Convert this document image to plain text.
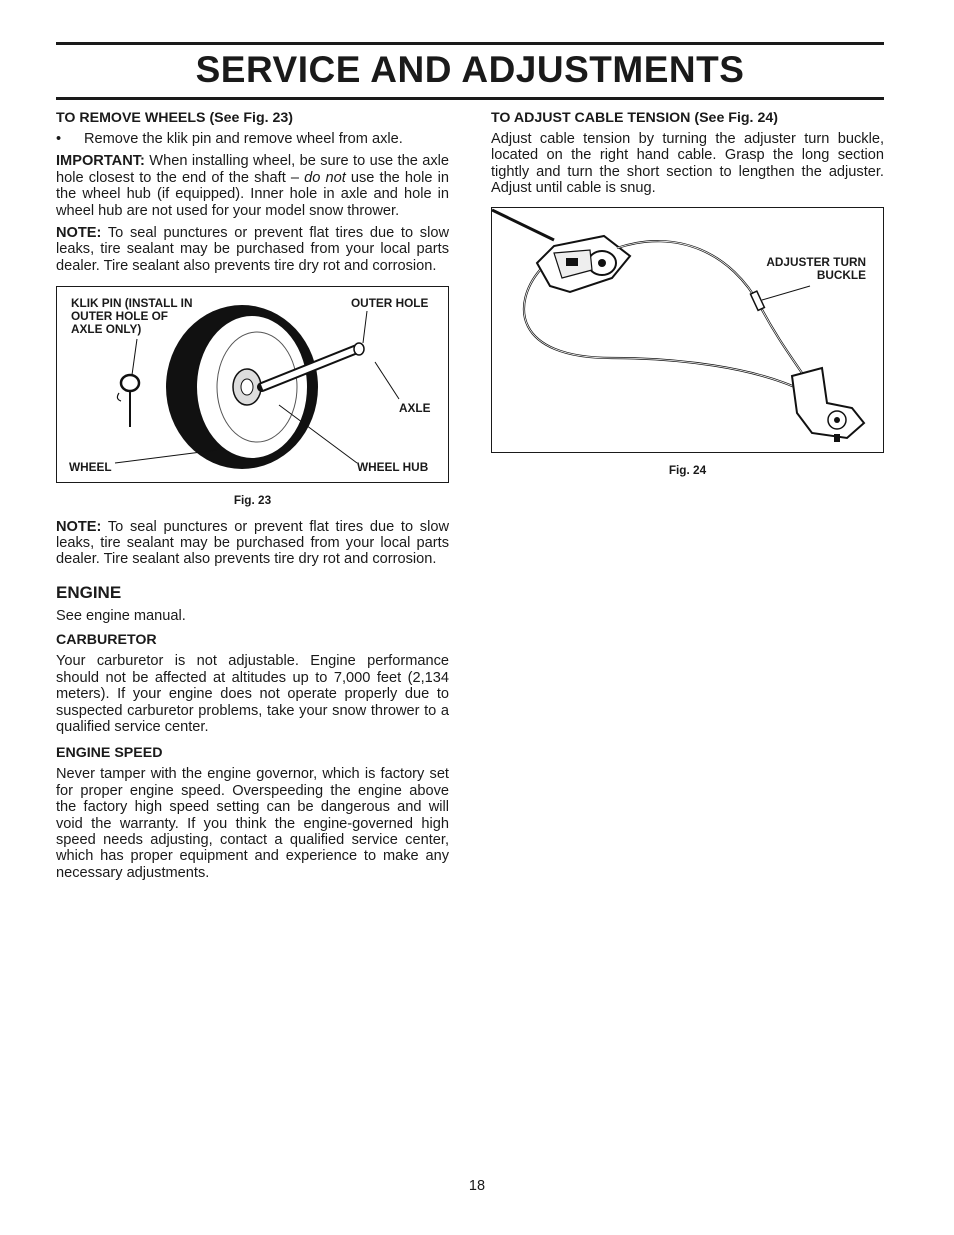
SERVICE AND ADJUSTMENTS
TO REMOVE WHEELS (See Fig. 23)
•	Remove the klik pin and remove wheel from axle.

IMPORTANT: When installing wheel, be sure to use the axle hole closest to the end of the shaft – do not use the hole in the wheel hub (if equipped). Inner hole in axle and hole in wheel hub are not used for your model snow thrower.

NOTE: To seal punctures or prevent flat tires due to slow leaks, tire sealant may be purchased from your local parts dealer. Tire sealant also prevents tire dry rot and corrosion.

KLIK PIN (INSTALL IN OUTER HOLE OF AXLE ONLY)
OUTER HOLE
AXLE
WHEEL	WHEEL HUB
Fig. 23

NOTE: To seal punctures or prevent flat tires due to slow leaks, tire sealant may be purchased from your local parts dealer. Tire sealant also prevents tire dry rot and corrosion.

ENGINE

See engine manual.

CARBURETOR

Your carburetor is not adjustable. Engine performance should not be affected at altitudes up to 7,000 feet (2,134 meters). If your engine does not operate properly due to suspected carburetor problems, take your snow thrower to a qualified service center.

ENGINE SPEED

Never tamper with the engine governor, which is factory set for proper engine speed. Overspeeding the engine above the factory high speed setting can be dangerous and will void the warranty. If you think the engine-governed high speed needs adjusting, contact a qualified service center, which has proper equipment and experience to make any necessary adjustments.

TO ADJUST CABLE TENSION (See Fig. 24)

Adjust cable tension by turning the adjuster turn buckle, located on the right hand cable. Grasp the long section tightly and turn the short section to lengthen the adjuster. Adjust until cable is snug.

ADJUSTER TURN BUCKLE
Fig. 24
18
